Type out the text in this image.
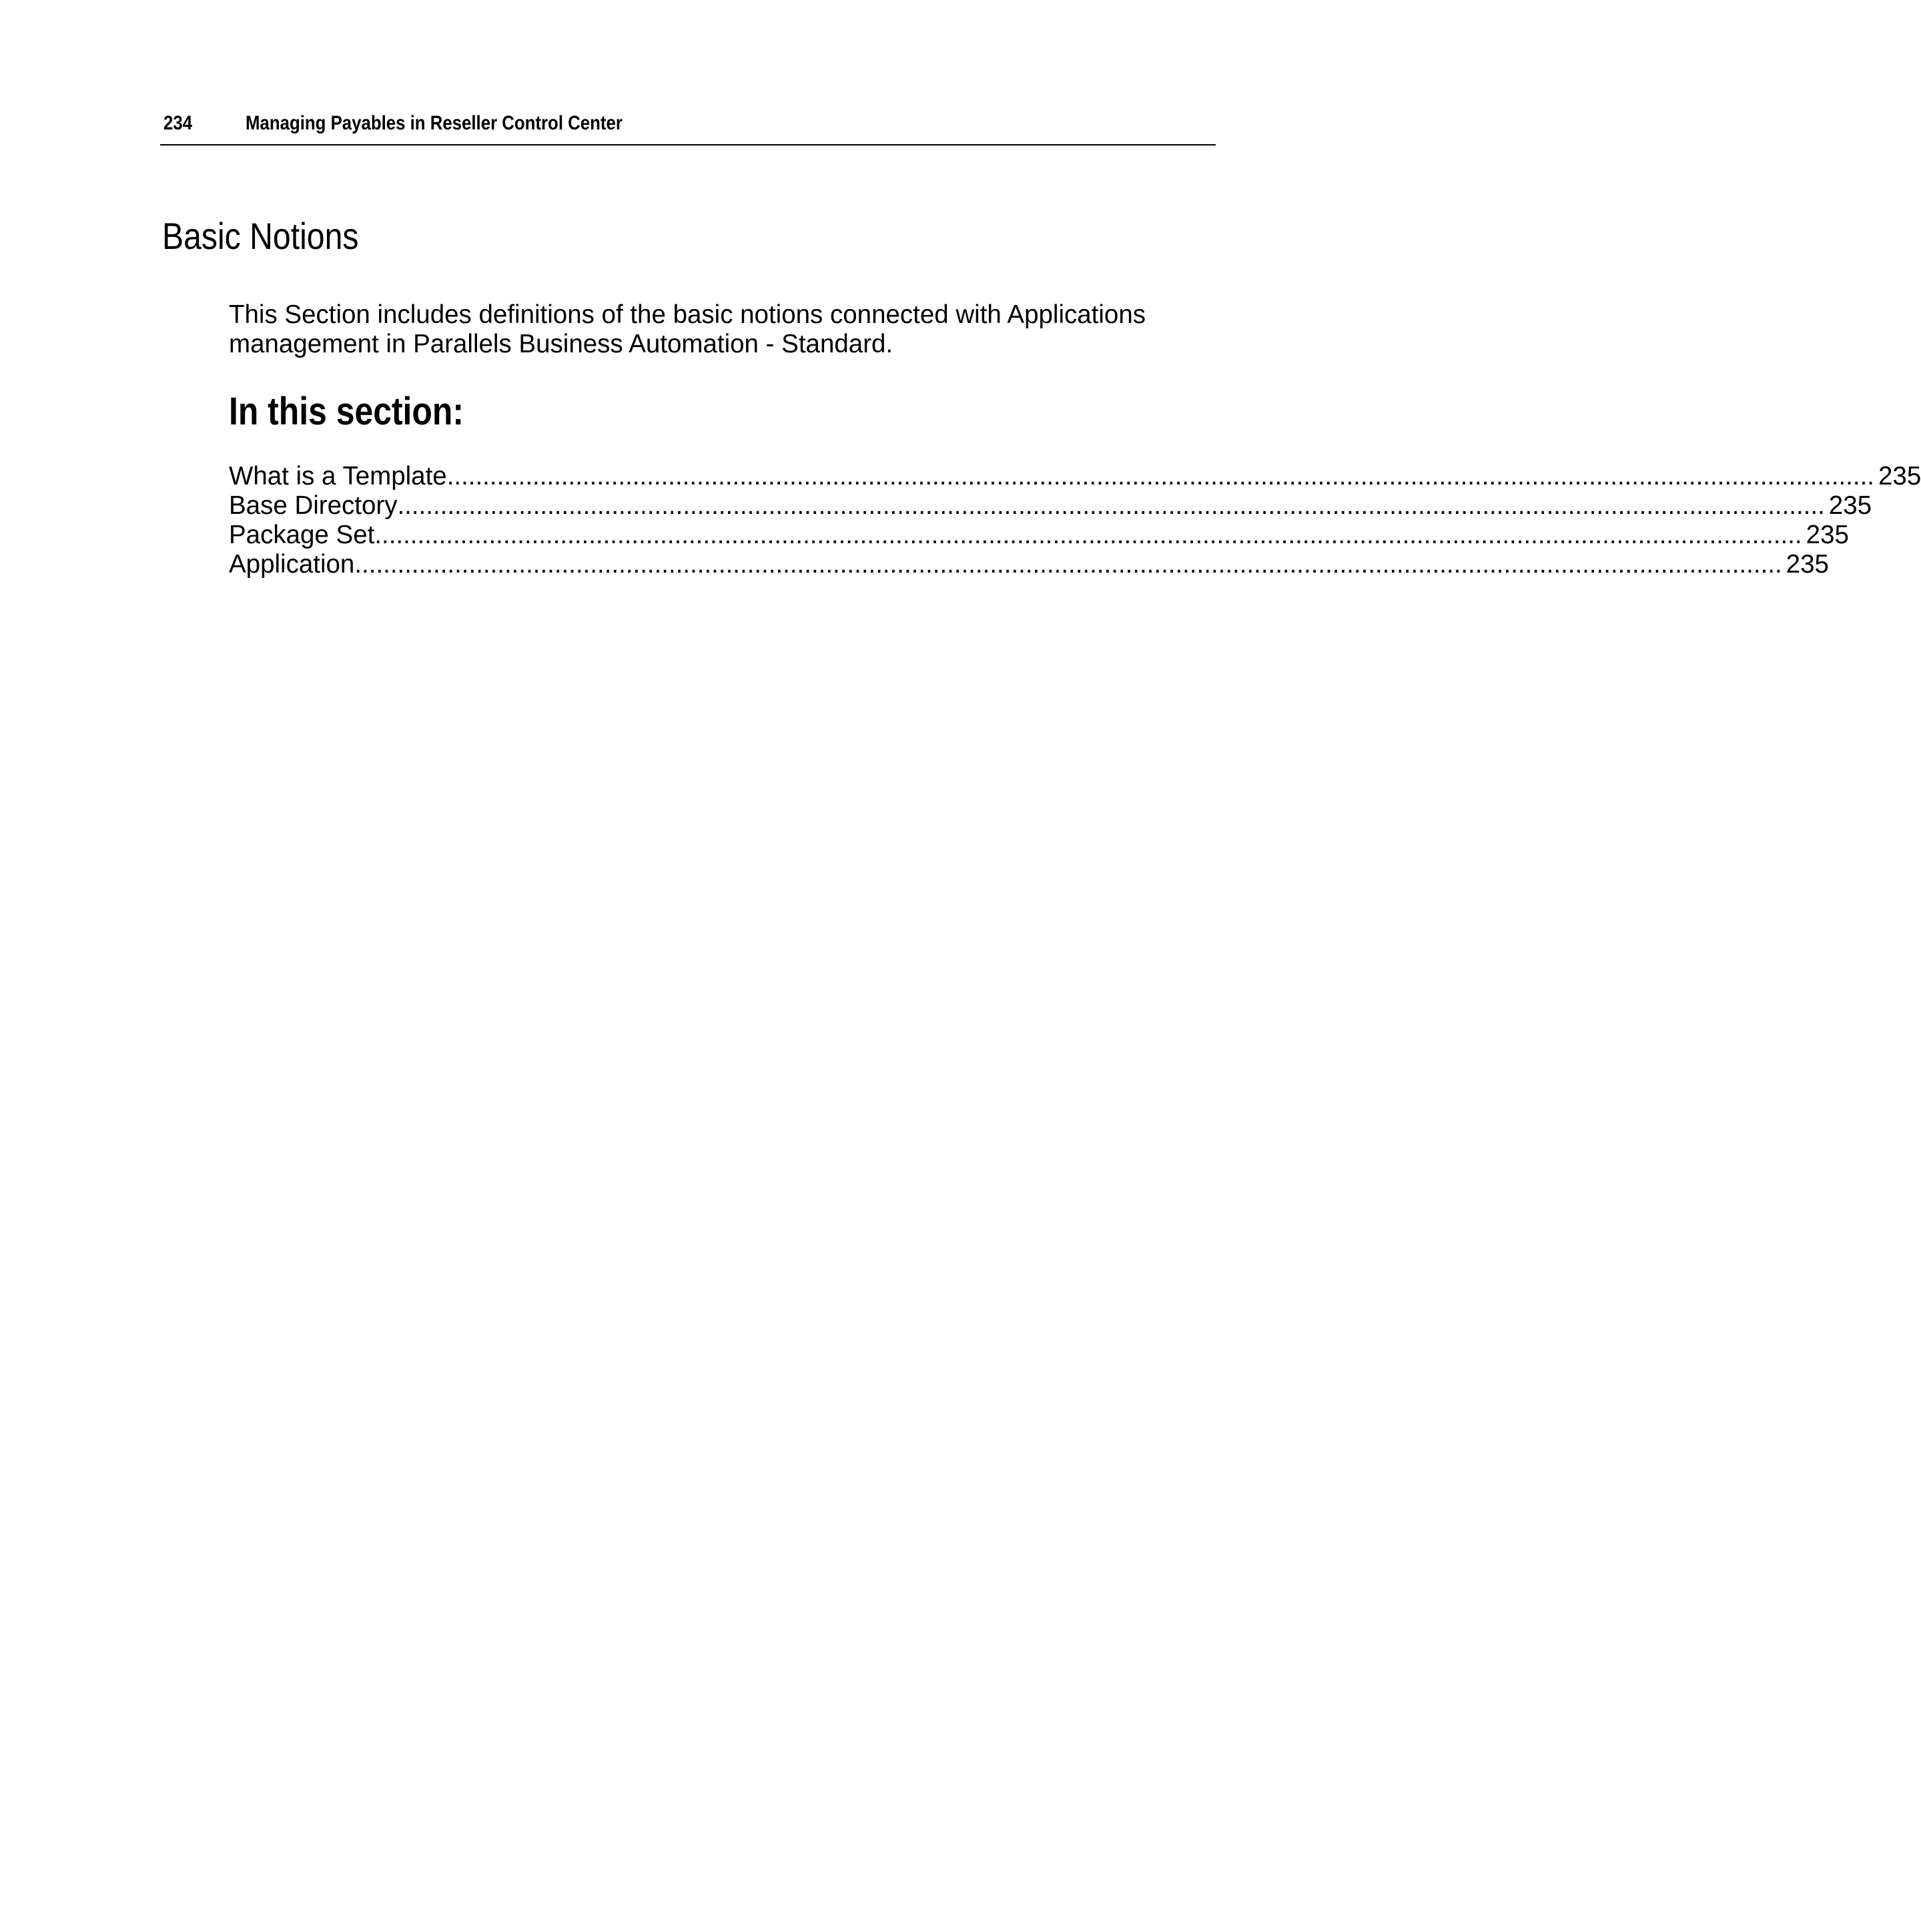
234	Managing Payables in Reseller Control Center
Basic Notions

This Section includes definitions of the basic notions connected with Applications management in Parallels Business Automation - Standard.

In this section:
What is a Template ........................................................................................................................................................................................................ 235
Base Directory ........................................................................................................................................................................................................ 235
Package Set ........................................................................................................................................................................................................ 235
Application ........................................................................................................................................................................................................ 235
